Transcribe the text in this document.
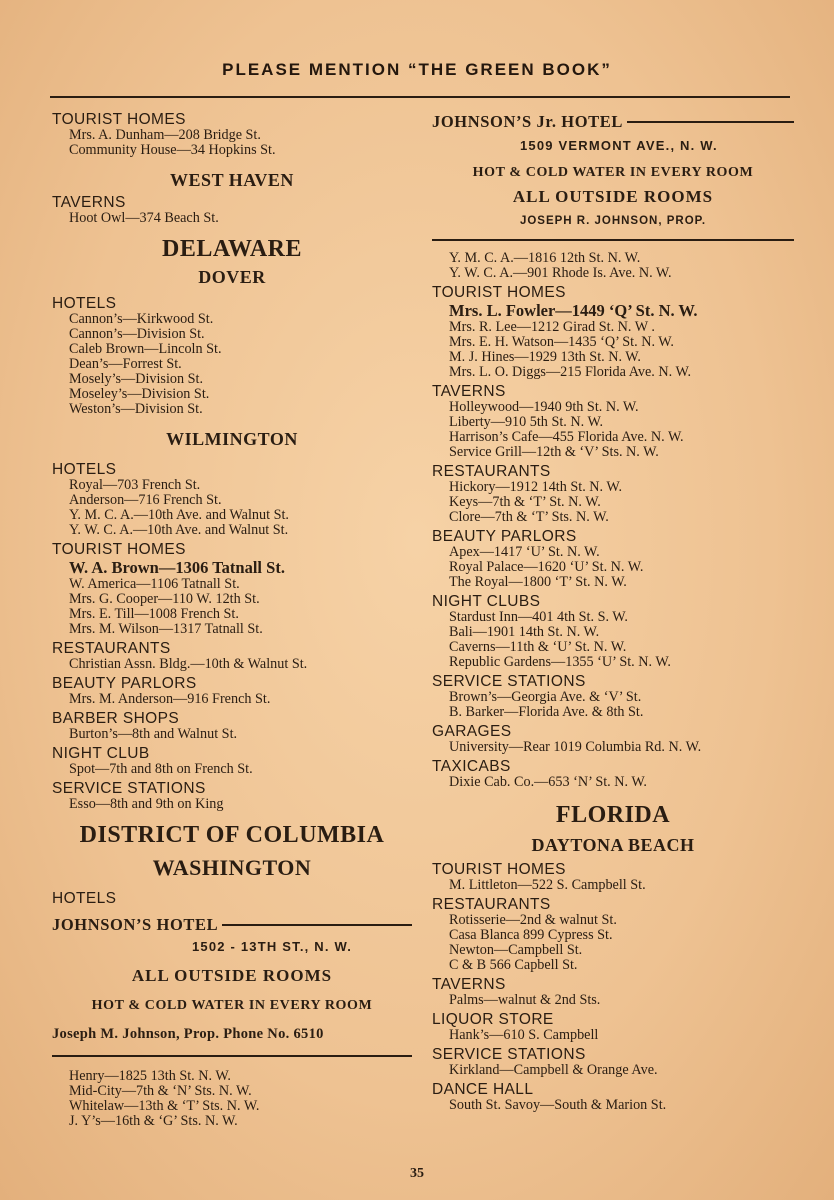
PLEASE MENTION “THE GREEN BOOK”
TOURIST HOMES
Mrs. A. Dunham—208 Bridge St.
Community House—34 Hopkins St.
WEST HAVEN
TAVERNS
Hoot Owl—374 Beach St.
DELAWARE
DOVER
HOTELS
Cannon’s—Kirkwood St.
Cannon’s—Division St.
Caleb Brown—Lincoln St.
Dean’s—Forrest St.
Mosely’s—Division St.
Moseley’s—Division St.
Weston’s—Division St.
WILMINGTON
HOTELS
Royal—703 French St.
Anderson—716 French St.
Y. M. C. A.—10th Ave. and Walnut St.
Y. W. C. A.—10th Ave. and Walnut St.
TOURIST HOMES
W. A. Brown—1306 Tatnall St.
W. America—1106 Tatnall St.
Mrs. G. Cooper—110 W. 12th St.
Mrs. E. Till—1008 French St.
Mrs. M. Wilson—1317 Tatnall St.
RESTAURANTS
Christian Assn. Bldg.—10th & Walnut St.
BEAUTY PARLORS
Mrs. M. Anderson—916 French St.
BARBER SHOPS
Burton’s—8th and Walnut St.
NIGHT CLUB
Spot—7th and 8th on French St.
SERVICE STATIONS
Esso—8th and 9th on King
DISTRICT OF COLUMBIA
WASHINGTON
HOTELS
JOHNSON’S HOTEL
1502 - 13TH ST., N. W.
ALL OUTSIDE ROOMS
HOT & COLD WATER IN EVERY ROOM
Joseph M. Johnson, Prop. Phone No. 6510
Henry—1825 13th St. N. W.
Mid-City—7th & ‘N’ Sts. N. W.
Whitelaw—13th & ‘T’ Sts. N. W.
J. Y’s—16th & ‘G’ Sts. N. W.
JOHNSON’S Jr. HOTEL
1509 VERMONT AVE., N. W.
HOT & COLD WATER IN EVERY ROOM
ALL OUTSIDE ROOMS
JOSEPH R. JOHNSON, PROP.
Y. M. C. A.—1816 12th St. N. W.
Y. W. C. A.—901 Rhode Is. Ave. N. W.
TOURIST HOMES
Mrs. L. Fowler—1449 ‘Q’ St. N. W.
Mrs. R. Lee—1212 Girad St. N. W .
Mrs. E. H. Watson—1435 ‘Q’ St. N. W.
M. J. Hines—1929 13th St. N. W.
Mrs. L. O. Diggs—215 Florida Ave. N. W.
TAVERNS
Holleywood—1940 9th St. N. W.
Liberty—910 5th St. N. W.
Harrison’s Cafe—455 Florida Ave. N. W.
Service Grill—12th & ‘V’ Sts. N. W.
RESTAURANTS
Hickory—1912 14th St. N. W.
Keys—7th & ‘T’ St. N. W.
Clore—7th & ‘T’ Sts. N. W.
BEAUTY PARLORS
Apex—1417 ‘U’ St. N. W.
Royal Palace—1620 ‘U’ St. N. W.
The Royal—1800 ‘T’ St. N. W.
NIGHT CLUBS
Stardust Inn—401 4th St. S. W.
Bali—1901 14th St. N. W.
Caverns—11th & ‘U’ St. N. W.
Republic Gardens—1355 ‘U’ St. N. W.
SERVICE STATIONS
Brown’s—Georgia Ave. & ‘V’ St.
B. Barker—Florida Ave. & 8th St.
GARAGES
University—Rear 1019 Columbia Rd. N. W.
TAXICABS
Dixie Cab. Co.—653 ‘N’ St. N. W.
FLORIDA
DAYTONA BEACH
TOURIST HOMES
M. Littleton—522 S. Campbell St.
RESTAURANTS
Rotisserie—2nd & walnut St.
Casa Blanca 899 Cypress St.
Newton—Campbell St.
C & B 566 Capbell St.
TAVERNS
Palms—walnut & 2nd Sts.
LIQUOR STORE
Hank’s—610 S. Campbell
SERVICE STATIONS
Kirkland—Campbell & Orange Ave.
DANCE HALL
South St. Savoy—South & Marion St.
35
